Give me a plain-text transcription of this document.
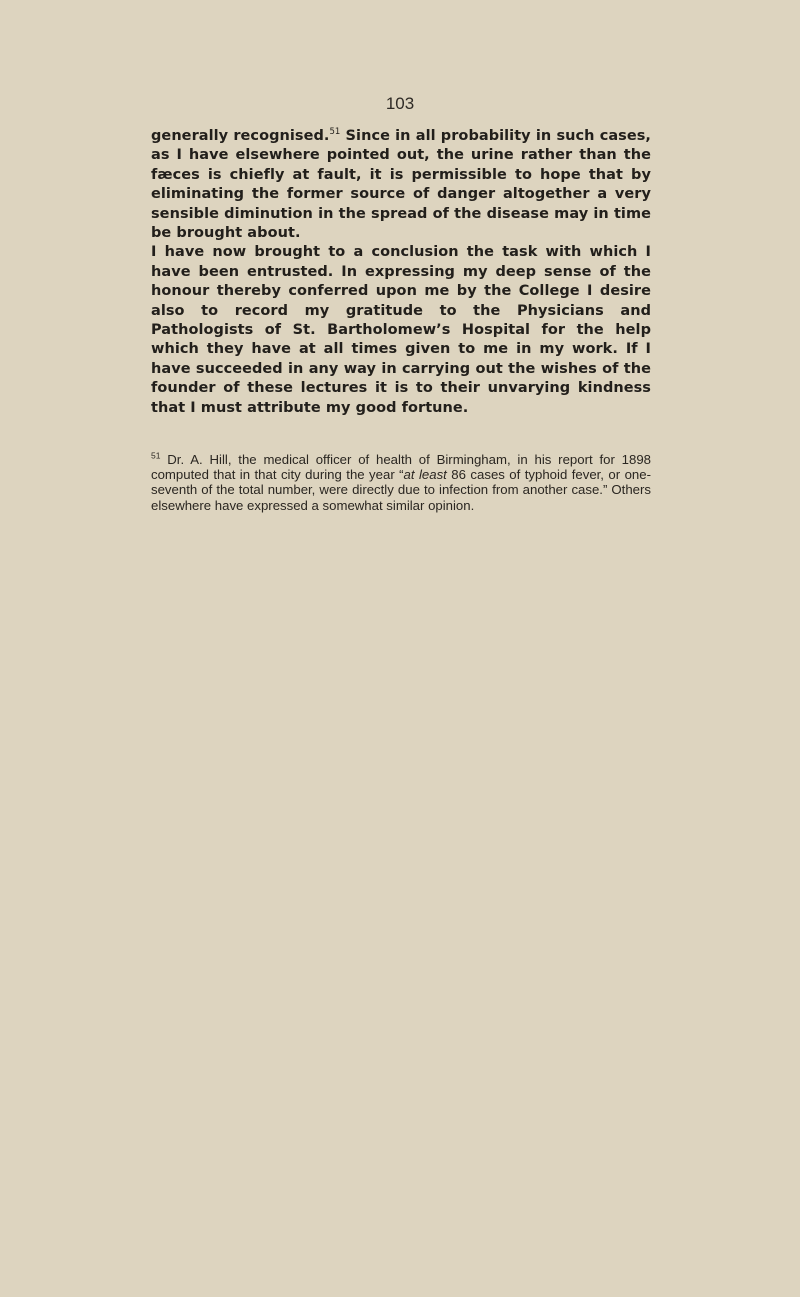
103

generally recognised.$^{51}$ Since in all probability in such cases, as I have elsewhere pointed out, the urine rather than the fæces is chiefly at fault, it is permissible to hope that by eliminating the former source of danger altogether a very sensible diminution in the spread of the disease may in time be brought about.

I have now brought to a conclusion the task with which I have been entrusted. In expressing my deep sense of the honour thereby conferred upon me by the College I desire also to record my gratitude to the Physicians and Pathologists of St. Bartholomew’s Hospital for the help which they have at all times given to me in my work. If I have succeeded in any way in carrying out the wishes of the founder of these lectures it is to their unvarying kindness that I must attribute my good fortune.

$^{51}$ Dr. A. Hill, the medical officer of health of Birmingham, in his report for 1898 computed that in that city during the year “at least 86 cases of typhoid fever, or one-seventh of the total number, were directly due to infection from another case.” Others elsewhere have expressed a somewhat similar opinion.
